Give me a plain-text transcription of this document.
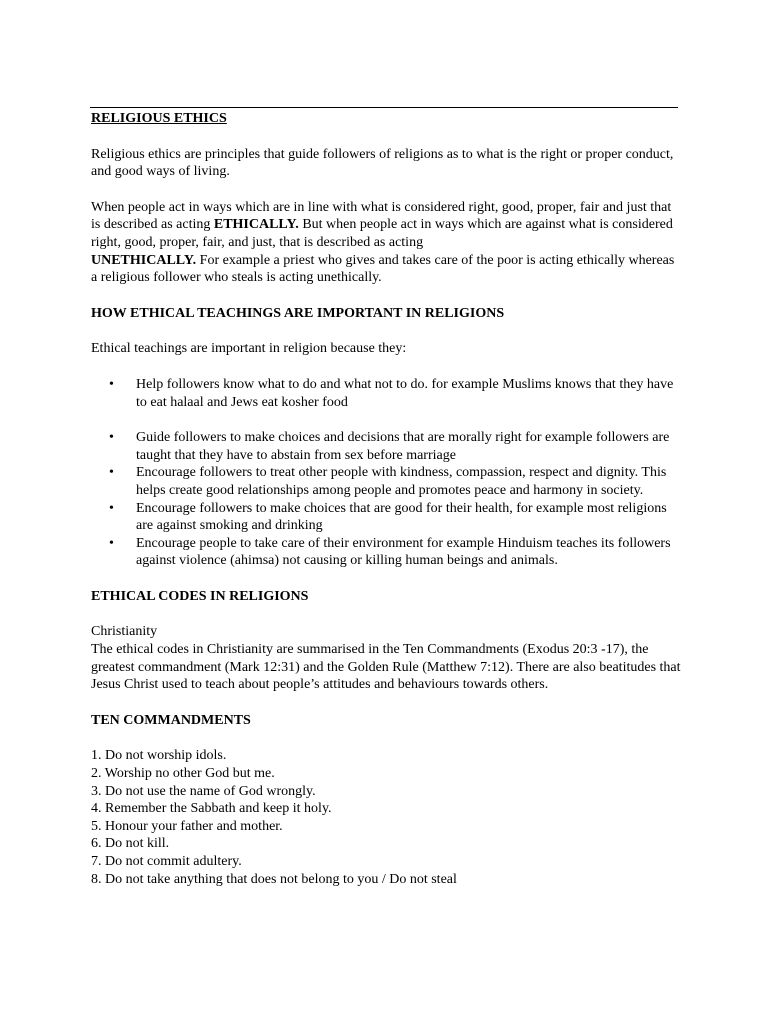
RELIGIOUS ETHICS

Religious ethics are principles that guide followers of religions as to what is the right or proper conduct, and good ways of living.

When people act in ways which are in line with what is considered right, good, proper, fair and just that is described as acting ETHICALLY. But when people act in ways which are against what is considered right, good, proper, fair, and just, that is described as acting
UNETHICALLY. For example a priest who gives and takes care of the poor is acting ethically whereas a religious follower who steals is acting unethically.

HOW ETHICAL TEACHINGS ARE IMPORTANT IN RELIGIONS

Ethical teachings are important in religion because they:

• Help followers know what to do and what not to do. for example Muslims knows that they have to eat halaal and Jews eat kosher food
• Guide followers to make choices and decisions that are morally right for example followers are taught that they have to abstain from sex before marriage
• Encourage followers to treat other people with kindness, compassion, respect and dignity. This helps create good relationships among people and promotes peace and harmony in society.
• Encourage followers to make choices that are good for their health, for example most religions are against smoking and drinking
• Encourage people to take care of their environment for example Hinduism teaches its followers against violence (ahimsa) not causing or killing human beings and animals.

ETHICAL CODES IN RELIGIONS

Christianity

The ethical codes in Christianity are summarised in the Ten Commandments (Exodus 20:3 -17), the greatest commandment (Mark 12:31) and the Golden Rule (Matthew 7:12). There are also beatitudes that Jesus Christ used to teach about people’s attitudes and behaviours towards others.

TEN COMMANDMENTS

1. Do not worship idols.

2. Worship no other God but me.

3. Do not use the name of God wrongly.

4. Remember the Sabbath and keep it holy.

5. Honour your father and mother.

6. Do not kill.

7. Do not commit adultery.

8. Do not take anything that does not belong to you / Do not steal
